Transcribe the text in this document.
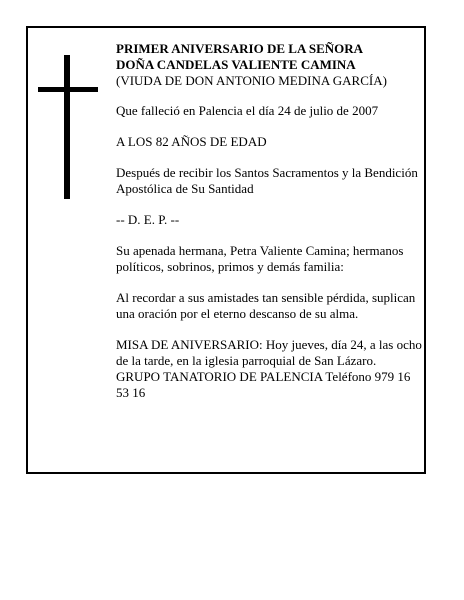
PRIMER ANIVERSARIO DE LA SEÑORA
DOÑA CANDELAS VALIENTE CAMINA
(VIUDA DE DON ANTONIO MEDINA GARCÍA)

Que falleció en Palencia el día 24 de julio de 2007

A LOS 82 AÑOS DE EDAD

Después de recibir los Santos Sacramentos y la Bendición Apostólica de Su Santidad

-- D. E. P. --

Su apenada hermana, Petra Valiente Camina; hermanos políticos, sobrinos, primos y demás familia:

Al recordar a sus amistades tan sensible pérdida, suplican una oración por el eterno descanso de su alma.

MISA DE ANIVERSARIO: Hoy jueves, día 24, a las ocho de la tarde, en la iglesia parroquial de San Lázaro.

GRUPO TANATORIO DE PALENCIA Teléfono 979 16 53 16
